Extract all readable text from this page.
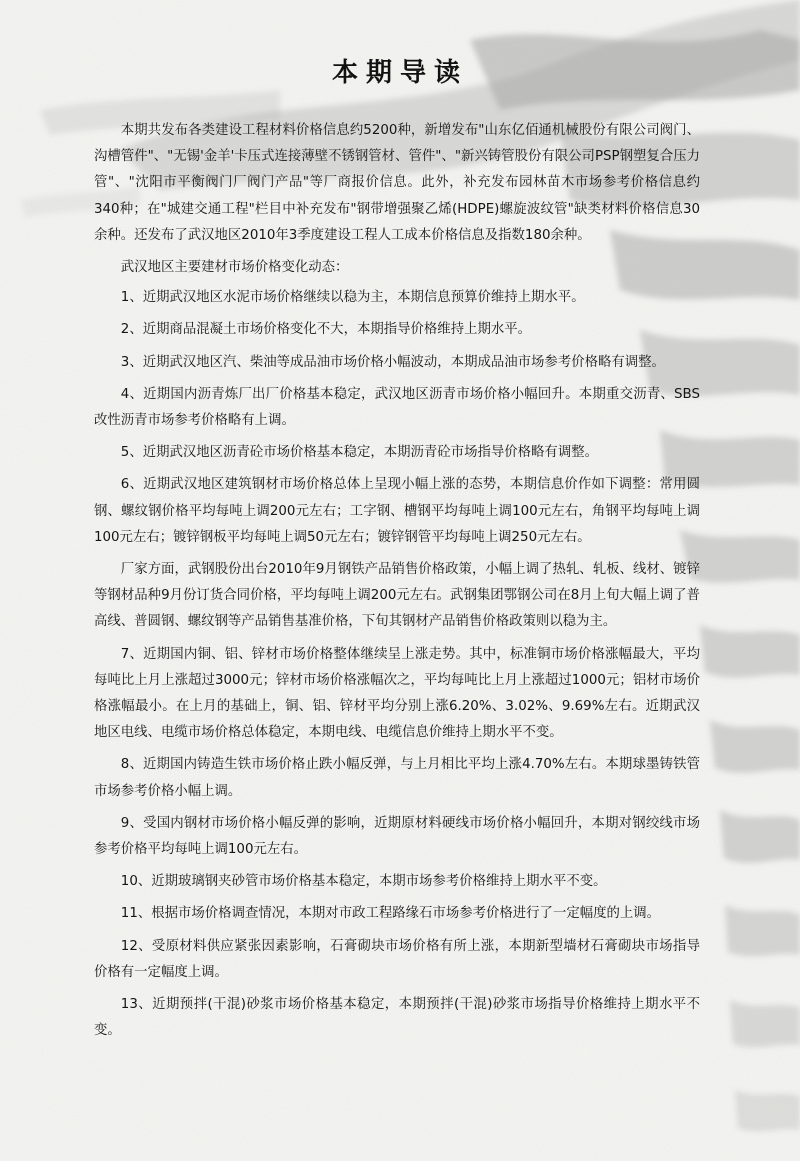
本期导读

本期共发布各类建设工程材料价格信息约5200种，新增发布"山东亿佰通机械股份有限公司阀门、沟槽管件"、"无锡'金羊'卡压式连接薄壁不锈钢管材、管件"、"新兴铸管股份有限公司PSP钢塑复合压力管"、"沈阳市平衡阀门厂阀门产品"等厂商报价信息。此外，补充发布园林苗木市场参考价格信息约340种；在"城建交通工程"栏目中补充发布"钢带增强聚乙烯(HDPE)螺旋波纹管"缺类材料价格信息30余种。还发布了武汉地区2010年3季度建设工程人工成本价格信息及指数180余种。

武汉地区主要建材市场价格变化动态：

1、近期武汉地区水泥市场价格继续以稳为主，本期信息预算价维持上期水平。

2、近期商品混凝土市场价格变化不大，本期指导价格维持上期水平。

3、近期武汉地区汽、柴油等成品油市场价格小幅波动，本期成品油市场参考价格略有调整。

4、近期国内沥青炼厂出厂价格基本稳定，武汉地区沥青市场价格小幅回升。本期重交沥青、SBS改性沥青市场参考价格略有上调。

5、近期武汉地区沥青砼市场价格基本稳定，本期沥青砼市场指导价格略有调整。

6、近期武汉地区建筑钢材市场价格总体上呈现小幅上涨的态势，本期信息价作如下调整：常用圆钢、螺纹钢价格平均每吨上调200元左右；工字钢、槽钢平均每吨上调100元左右，角钢平均每吨上调100元左右；镀锌钢板平均每吨上调50元左右；镀锌钢管平均每吨上调250元左右。

厂家方面，武钢股份出台2010年9月钢铁产品销售价格政策，小幅上调了热轧、轧板、线材、镀锌等钢材品种9月份订货合同价格，平均每吨上调200元左右。武钢集团鄂钢公司在8月上旬大幅上调了普高线、普圆钢、螺纹钢等产品销售基准价格，下旬其钢材产品销售价格政策则以稳为主。

7、近期国内铜、铝、锌材市场价格整体继续呈上涨走势。其中，标准铜市场价格涨幅最大，平均每吨比上月上涨超过3000元；锌材市场价格涨幅次之，平均每吨比上月上涨超过1000元；铝材市场价格涨幅最小。在上月的基础上，铜、铝、锌材平均分别上涨6.20%、3.02%、9.69%左右。近期武汉地区电线、电缆市场价格总体稳定，本期电线、电缆信息价维持上期水平不变。

8、近期国内铸造生铁市场价格止跌小幅反弹，与上月相比平均上涨4.70%左右。本期球墨铸铁管市场参考价格小幅上调。

9、受国内钢材市场价格小幅反弹的影响，近期原材料硬线市场价格小幅回升，本期对钢绞线市场参考价格平均每吨上调100元左右。

10、近期玻璃钢夹砂管市场价格基本稳定，本期市场参考价格维持上期水平不变。

11、根据市场价格调查情况，本期对市政工程路缘石市场参考价格进行了一定幅度的上调。

12、受原材料供应紧张因素影响，石膏砌块市场价格有所上涨，本期新型墙材石膏砌块市场指导价格有一定幅度上调。

13、近期预拌(干混)砂浆市场价格基本稳定，本期预拌(干混)砂浆市场指导价格维持上期水平不变。
